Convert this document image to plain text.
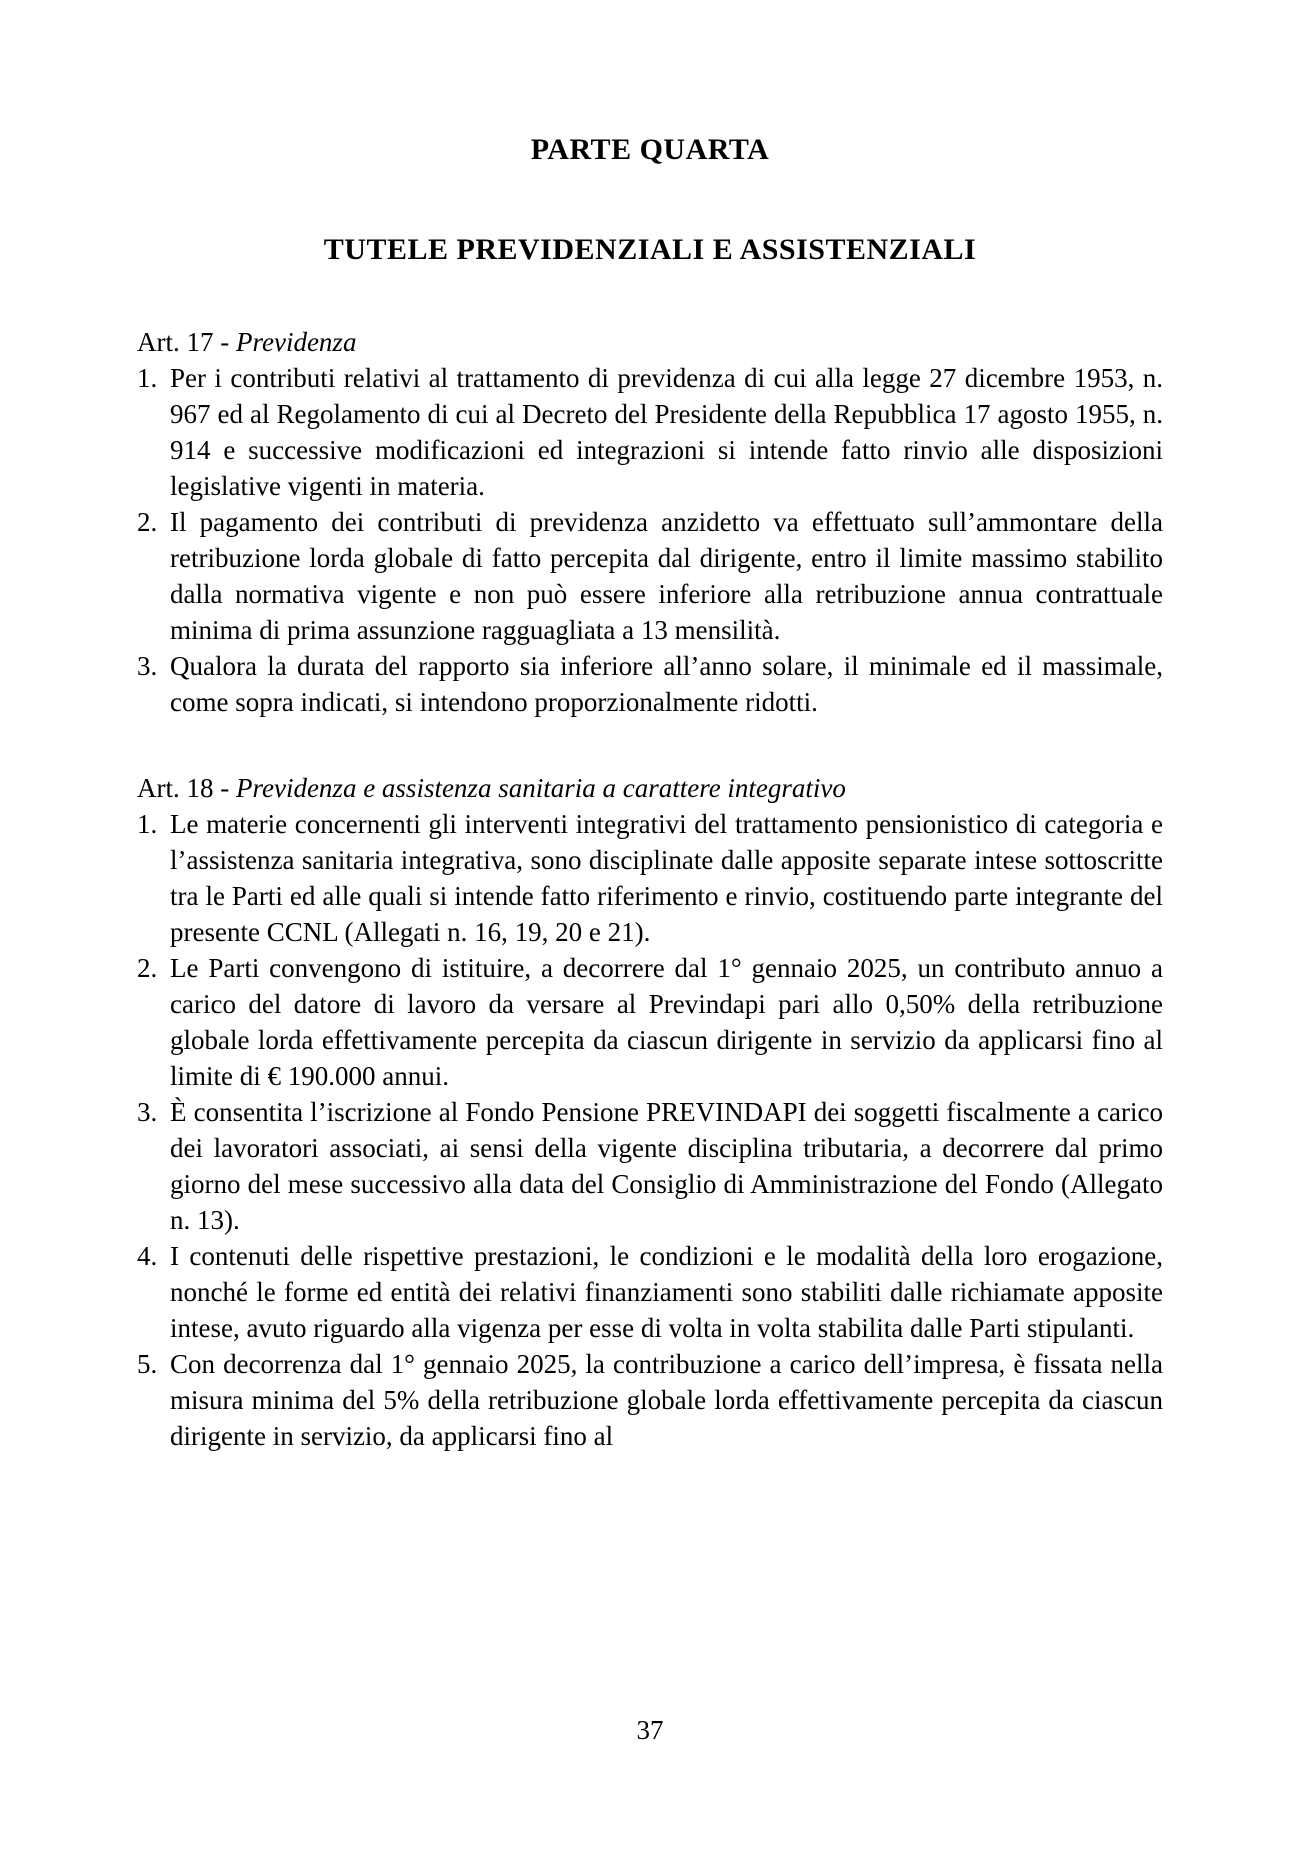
PARTE QUARTA
TUTELE PREVIDENZIALI E ASSISTENZIALI

Art. 17 - Previdenza

1. Per i contributi relativi al trattamento di previdenza di cui alla legge 27 dicembre 1953, n. 967 ed al Regolamento di cui al Decreto del Presidente della Repubblica 17 agosto 1955, n. 914 e successive modificazioni ed integrazioni si intende fatto rinvio alle disposizioni legislative vigenti in materia.
2. Il pagamento dei contributi di previdenza anzidetto va effettuato sull’ammontare della retribuzione lorda globale di fatto percepita dal dirigente, entro il limite massimo stabilito dalla normativa vigente e non può essere inferiore alla retribuzione annua contrattuale minima di prima assunzione ragguagliata a 13 mensilità.
3. Qualora la durata del rapporto sia inferiore all’anno solare, il minimale ed il massimale, come sopra indicati, si intendono proporzionalmente ridotti.

Art. 18 - Previdenza e assistenza sanitaria a carattere integrativo

1. Le materie concernenti gli interventi integrativi del trattamento pensionistico di categoria e l’assistenza sanitaria integrativa, sono disciplinate dalle apposite separate intese sottoscritte tra le Parti ed alle quali si intende fatto riferimento e rinvio, costituendo parte integrante del presente CCNL (Allegati n. 16, 19, 20 e 21).
2. Le Parti convengono di istituire, a decorrere dal 1° gennaio 2025, un contributo annuo a carico del datore di lavoro da versare al Previndapi pari allo 0,50% della retribuzione globale lorda effettivamente percepita da ciascun dirigente in servizio da applicarsi fino al limite di € 190.000 annui.
3. È consentita l’iscrizione al Fondo Pensione PREVINDAPI dei soggetti fiscalmente a carico dei lavoratori associati, ai sensi della vigente disciplina tributaria, a decorrere dal primo giorno del mese successivo alla data del Consiglio di Amministrazione del Fondo (Allegato n. 13).
4. I contenuti delle rispettive prestazioni, le condizioni e le modalità della loro erogazione, nonché le forme ed entità dei relativi finanziamenti sono stabiliti dalle richiamate apposite intese, avuto riguardo alla vigenza per esse di volta in volta stabilita dalle Parti stipulanti.
5. Con decorrenza dal 1° gennaio 2025, la contribuzione a carico dell’impresa, è fissata nella misura minima del 5% della retribuzione globale lorda effettivamente percepita da ciascun dirigente in servizio, da applicarsi fino al
37
